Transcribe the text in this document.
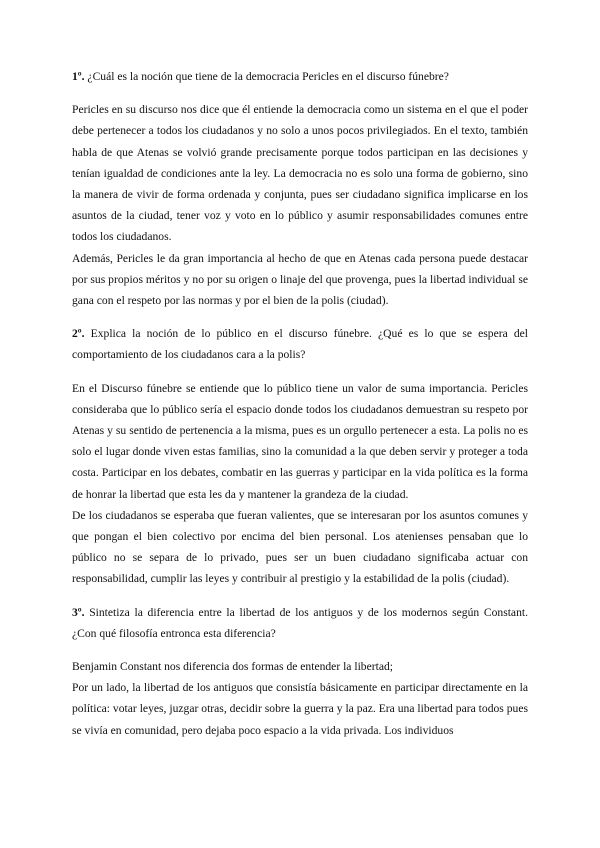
1º. ¿Cuál es la noción que tiene de la democracia Pericles en el discurso fúnebre?

Pericles en su discurso nos dice que él entiende la democracia como un sistema en el que el poder debe pertenecer a todos los ciudadanos y no solo a unos pocos privilegiados. En el texto, también habla de que Atenas se volvió grande precisamente porque todos participan en las decisiones y tenían igualdad de condiciones ante la ley. La democracia no es solo una forma de gobierno, sino la manera de vivir de forma ordenada y conjunta, pues ser ciudadano significa implicarse en los asuntos de la ciudad, tener voz y voto en lo público y asumir responsabilidades comunes entre todos los ciudadanos.

Además, Pericles le da gran importancia al hecho de que en Atenas cada persona puede destacar por sus propios méritos y no por su origen o linaje del que provenga, pues la libertad individual se gana con el respeto por las normas y por el bien de la polis (ciudad).

2º. Explica la noción de lo público en el discurso fúnebre. ¿Qué es lo que se espera del comportamiento de los ciudadanos cara a la polis?

En el Discurso fúnebre se entiende que lo público tiene un valor de suma importancia. Pericles consideraba que lo público sería el espacio donde todos los ciudadanos demuestran su respeto por Atenas y su sentido de pertenencia a la misma, pues es un orgullo pertenecer a esta. La polis no es solo el lugar donde viven estas familias, sino la comunidad a la que deben servir y proteger a toda costa. Participar en los debates, combatir en las guerras y participar en la vida política es la forma de honrar la libertad que esta les da y mantener la grandeza de la ciudad.

De los ciudadanos se esperaba que fueran valientes, que se interesaran por los asuntos comunes y que pongan el bien colectivo por encima del bien personal. Los atenienses pensaban que lo público no se separa de lo privado, pues ser un buen ciudadano significaba actuar con responsabilidad, cumplir las leyes y contribuir al prestigio y la estabilidad de la polis (ciudad).

3º. Sintetiza la diferencia entre la libertad de los antiguos y de los modernos según Constant. ¿Con qué filosofía entronca esta diferencia?

Benjamin Constant nos diferencia dos formas de entender la libertad;

Por un lado, la libertad de los antiguos que consistía básicamente en participar directamente en la política: votar leyes, juzgar otras, decidir sobre la guerra y la paz. Era una libertad para todos pues se vivía en comunidad, pero dejaba poco espacio a la vida privada. Los individuos
